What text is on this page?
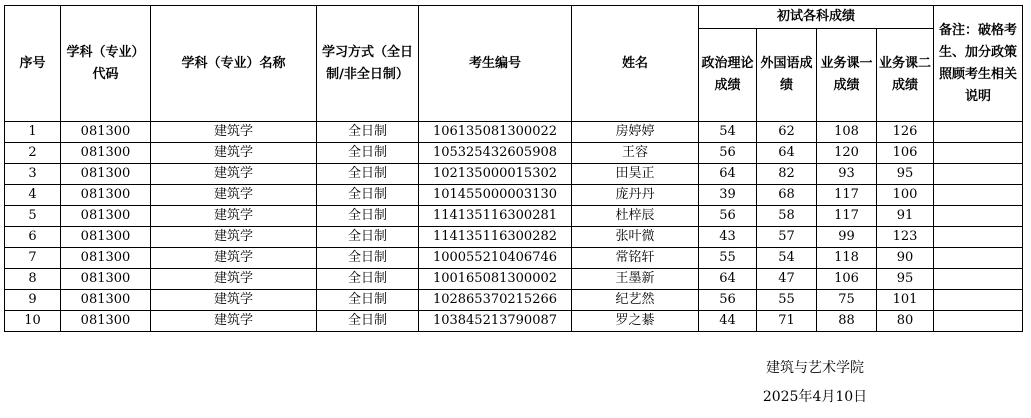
序号	学科（专业）代码	学科（专业）名称	学习方式（全日制/非全日制）	考生编号	姓名	初试各科成绩				备注：破格考生、加分政策照顾考生相关说明
						政治理论成绩	外国语成绩	业务课一成绩	业务课二成绩	
1	081300	建筑学	全日制	106135081300022	房婷婷	54	62	108	126	
2	081300	建筑学	全日制	105325432605908	王容	56	64	120	106	
3	081300	建筑学	全日制	102135000015302	田昊正	64	82	93	95	
4	081300	建筑学	全日制	101455000003130	庞丹丹	39	68	117	100	
5	081300	建筑学	全日制	114135116300281	杜梓辰	56	58	117	91	
6	081300	建筑学	全日制	114135116300282	张叶微	43	57	99	123	
7	081300	建筑学	全日制	100055210406746	常铭轩	55	54	118	90	
8	081300	建筑学	全日制	100165081300002	王墨新	64	47	106	95	
9	081300	建筑学	全日制	102865370215266	纪艺然	56	55	75	101	
10	081300	建筑学	全日制	103845213790087	罗之綦	44	71	88	80	
建筑与艺术学院
2025年4月10日
